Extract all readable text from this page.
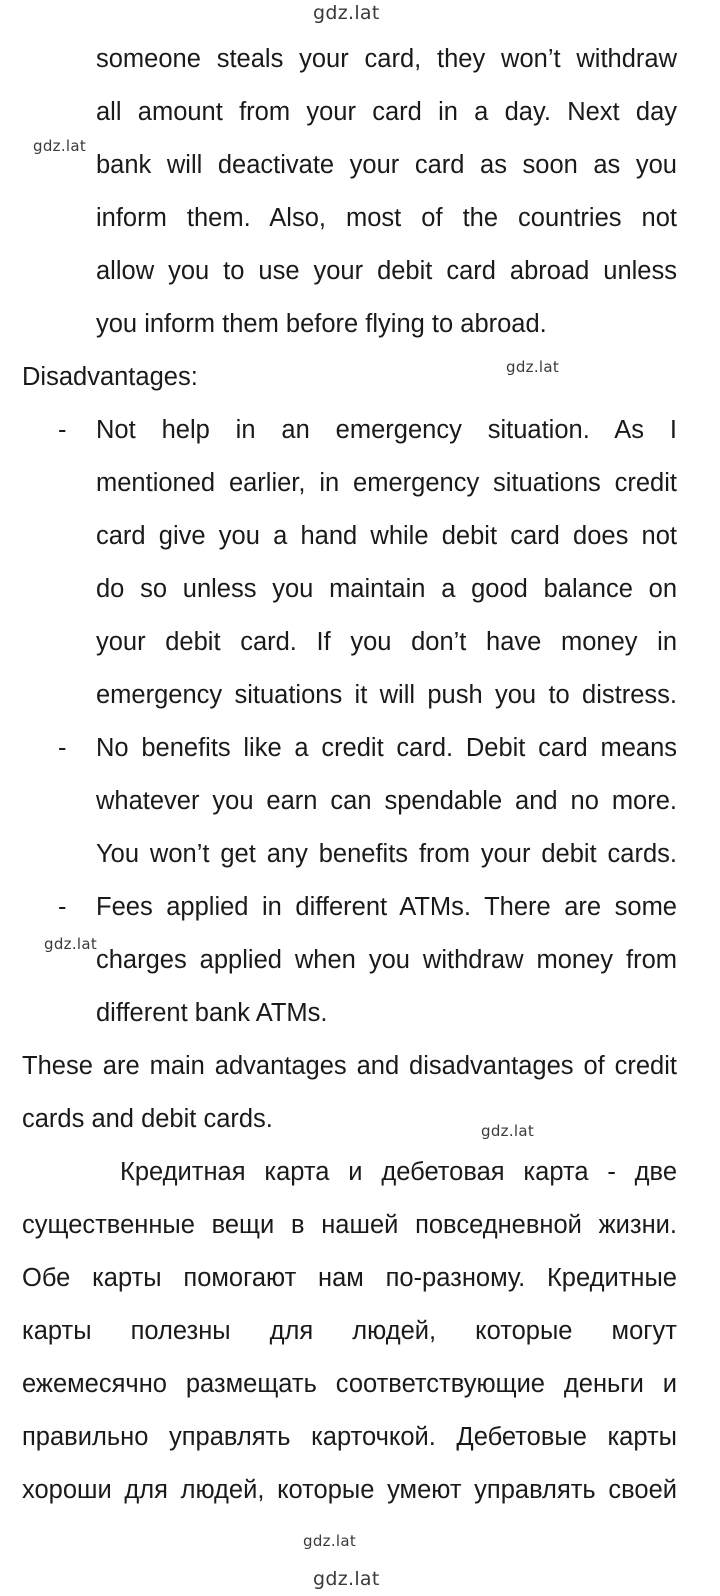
gdz.lat
gdz.lat
gdz.lat
gdz.lat
gdz.lat
gdz.lat
gdz.lat
someone steals your card, they won’t withdraw
all amount from your card in a day. Next day
bank will deactivate your card as soon as you
inform them. Also, most of the countries not
allow you to use your debit card abroad unless
you inform them before flying to abroad.
Disadvantages:
- Not help in an emergency situation. As I
mentioned earlier, in emergency situations credit
card give you a hand while debit card does not
do so unless you maintain a good balance on
your debit card. If you don’t have money in
emergency situations it will push you to distress.
- No benefits like a credit card. Debit card means
whatever you earn can spendable and no more.
You won’t get any benefits from your debit cards.
- Fees applied in different ATMs. There are some
charges applied when you withdraw money from
different bank ATMs.
These are main advantages and disadvantages of credit
cards and debit cards.
Кредитная карта и дебетовая карта - две
существенные вещи в нашей повседневной жизни.
Обе карты помогают нам по-разному. Кредитные
карты полезны для людей, которые могут
ежемесячно размещать соответствующие деньги и
правильно управлять карточкой. Дебетовые карты
хороши для людей, которые умеют управлять своей
